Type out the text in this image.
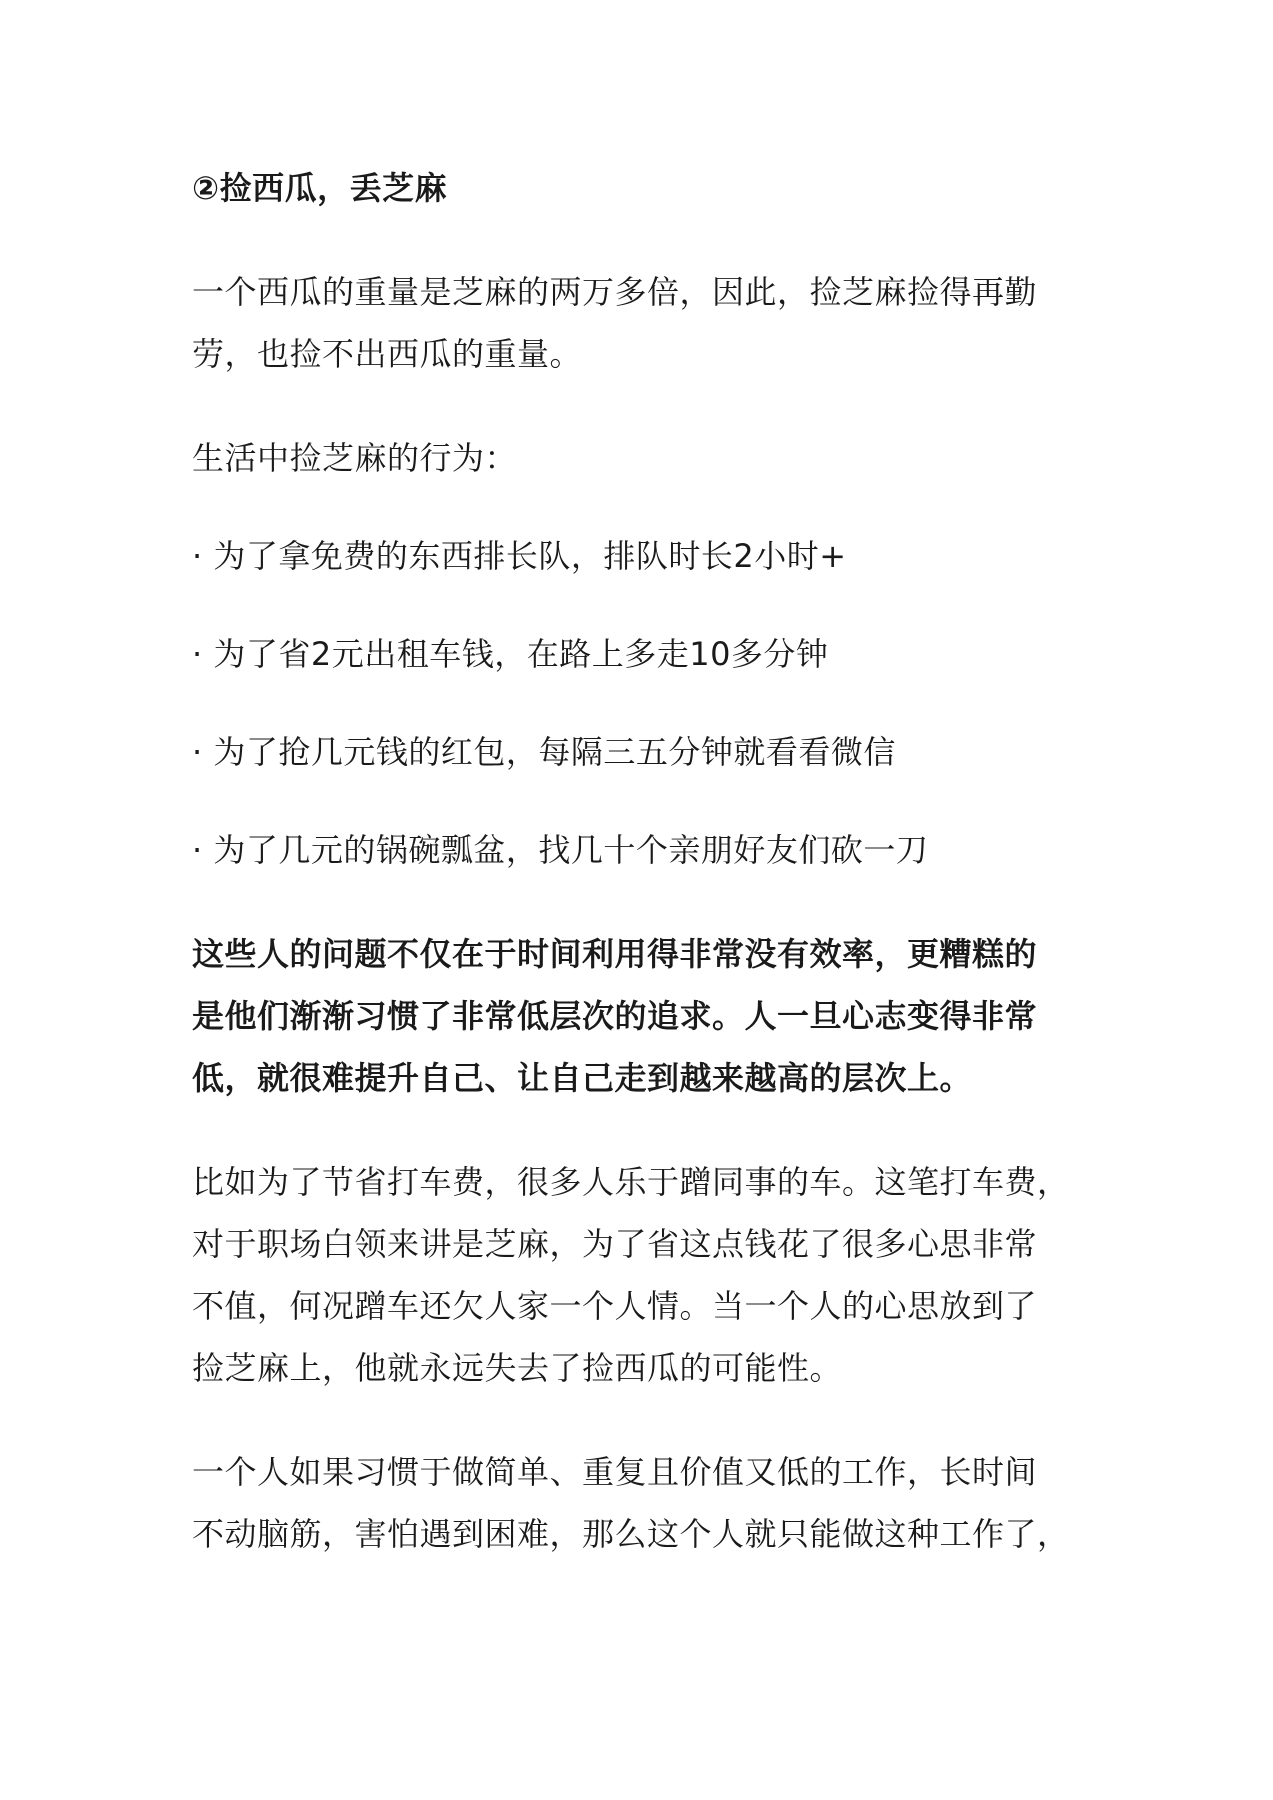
②捡西瓜，丢芝麻
一个西瓜的重量是芝麻的两万多倍，因此，捡芝麻捡得再勤
劳，也捡不出西瓜的重量。
生活中捡芝麻的行为：
· 为了拿免费的东西排长队，排队时长2小时+
· 为了省2元出租车钱，在路上多走10多分钟
· 为了抢几元钱的红包，每隔三五分钟就看看微信
· 为了几元的锅碗瓢盆，找几十个亲朋好友们砍一刀
这些人的问题不仅在于时间利用得非常没有效率，更糟糕的
是他们渐渐习惯了非常低层次的追求。人一旦心志变得非常
低，就很难提升自己、让自己走到越来越高的层次上。
比如为了节省打车费，很多人乐于蹭同事的车。这笔打车费，
对于职场白领来讲是芝麻，为了省这点钱花了很多心思非常
不值，何况蹭车还欠人家一个人情。当一个人的心思放到了
捡芝麻上，他就永远失去了捡西瓜的可能性。
一个人如果习惯于做简单、重复且价值又低的工作，长时间
不动脑筋，害怕遇到困难，那么这个人就只能做这种工作了，
